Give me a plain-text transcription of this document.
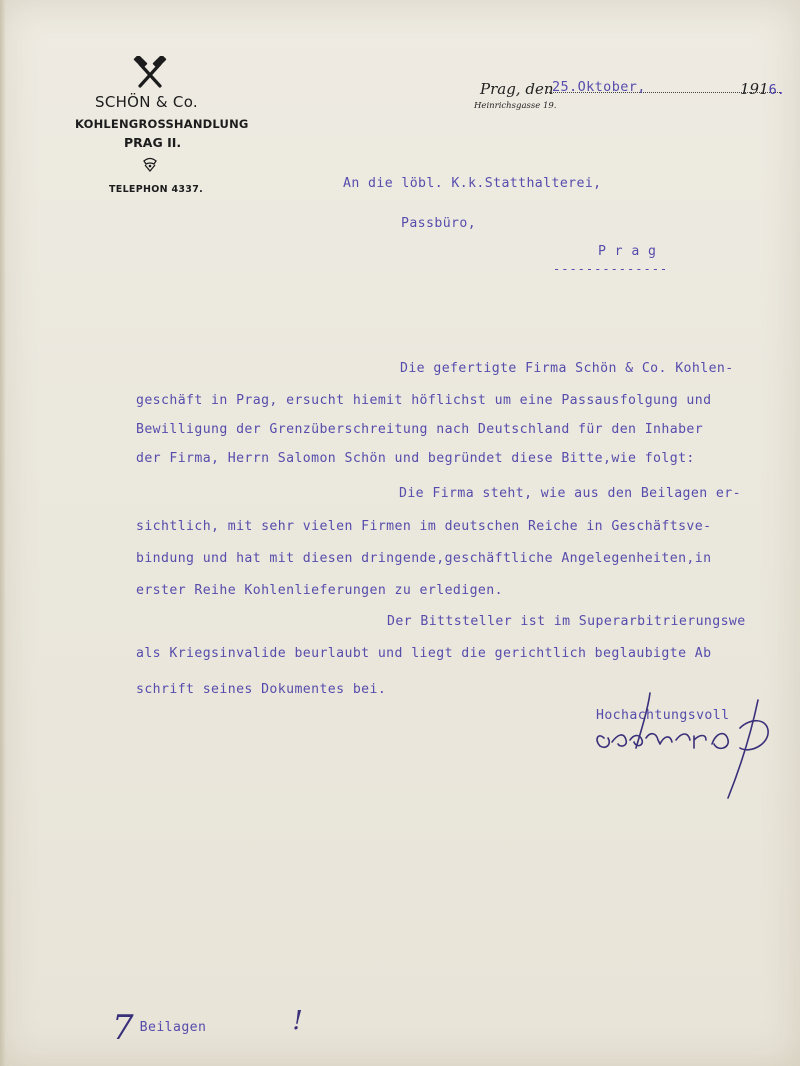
SCHÖN & Co.
KOHLENGROSSHANDLUNG
PRAG II.
TELEPHON 4337.
Prag, den
25.Oktober,	1916.
Heinrichsgasse 19.
An die löbl. K.k.Statthalterei,
Passbüro,
P r a g
--------------
Die gefertigte Firma Schön & Co. Kohlen-
geschäft in Prag, ersucht hiemit höflichst um eine Passausfolgung und
Bewilligung der Grenzüberschreitung nach Deutschland für den Inhaber
der Firma, Herrn Salomon Schön und begründet diese Bitte,wie folgt:
Die Firma steht, wie aus den Beilagen er-
sichtlich, mit sehr vielen Firmen im deutschen Reiche in Geschäftsve-
bindung und hat mit diesen dringende,geschäftliche Angelegenheiten,in
erster Reihe Kohlenlieferungen zu erledigen.
Der Bittsteller ist im Superarbitrierungswe
als Kriegsinvalide beurlaubt und liegt die gerichtlich beglaubigte Ab
schrift seines Dokumentes bei.
Hochachtungsvoll
7 Beilagen	!
